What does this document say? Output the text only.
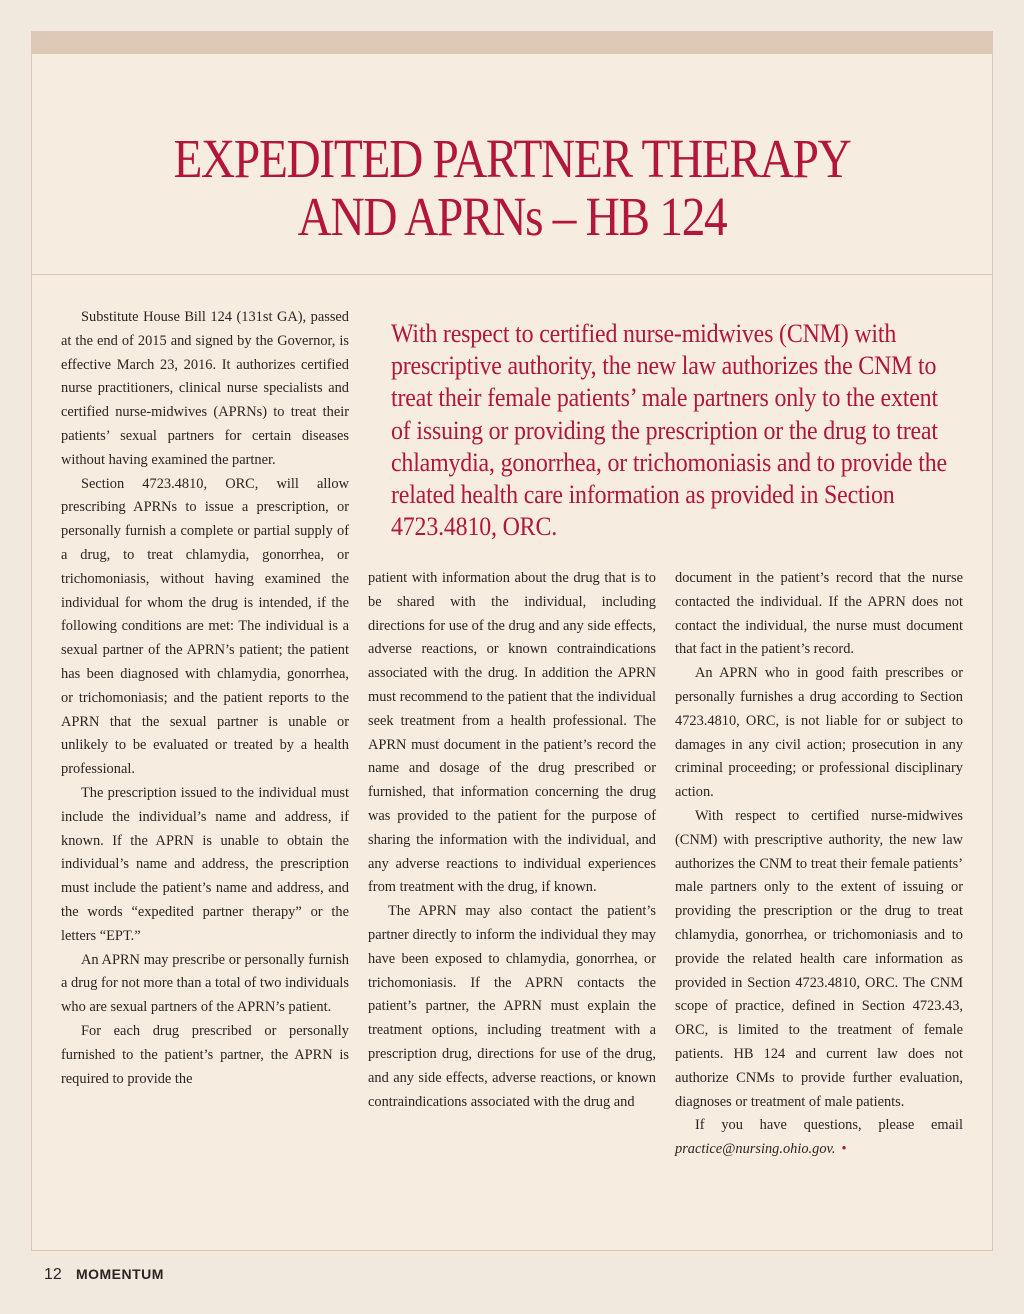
EXPEDITED PARTNER THERAPY
AND APRNs – HB 124

Substitute House Bill 124 (131st GA), passed at the end of 2015 and signed by the Governor, is effective March 23, 2016. It authorizes certified nurse practitioners, clinical nurse specialists and certified nurse-midwives (APRNs) to treat their patients’ sexual partners for certain diseases without having examined the partner.

Section 4723.4810, ORC, will allow prescribing APRNs to issue a prescription, or personally furnish a complete or partial supply of a drug, to treat chlamydia, gonorrhea, or trichomoniasis, without having examined the individual for whom the drug is intended, if the following conditions are met: The individual is a sexual partner of the APRN’s patient; the patient has been diagnosed with chlamydia, gonorrhea, or trichomoniasis; and the patient reports to the APRN that the sexual partner is unable or unlikely to be evaluated or treated by a health professional.

The prescription issued to the individual must include the individual’s name and address, if known. If the APRN is unable to obtain the individual’s name and address, the prescription must include the patient’s name and address, and the words “expedited partner therapy” or the letters “EPT.”

An APRN may prescribe or personally furnish a drug for not more than a total of two individuals who are sexual partners of the APRN’s patient.

For each drug prescribed or personally furnished to the patient’s partner, the APRN is required to provide the

With respect to certified nurse-midwives (CNM) with prescriptive authority, the new law authorizes the CNM to treat their female patients’ male partners only to the extent of issuing or providing the prescription or the drug to treat chlamydia, gonorrhea, or trichomoniasis and to provide the related health care information as provided in Section 4723.4810, ORC.

patient with information about the drug that is to be shared with the individual, including directions for use of the drug and any side effects, adverse reactions, or known contraindications associated with the drug. In addition the APRN must recommend to the patient that the individual seek treatment from a health professional. The APRN must document in the patient’s record the name and dosage of the drug prescribed or furnished, that information concerning the drug was provided to the patient for the purpose of sharing the information with the individual, and any adverse reactions to individual experiences from treatment with the drug, if known.

The APRN may also contact the patient’s partner directly to inform the individual they may have been exposed to chlamydia, gonorrhea, or trichomoniasis. If the APRN contacts the patient’s partner, the APRN must explain the treatment options, including treatment with a prescription drug, directions for use of the drug, and any side effects, adverse reactions, or known contraindications associated with the drug and

document in the patient’s record that the nurse contacted the individual. If the APRN does not contact the individual, the nurse must document that fact in the patient’s record.

An APRN who in good faith prescribes or personally furnishes a drug according to Section 4723.4810, ORC, is not liable for or subject to damages in any civil action; prosecution in any criminal proceeding; or professional disciplinary action.

With respect to certified nurse-midwives (CNM) with prescriptive authority, the new law authorizes the CNM to treat their female patients’ male partners only to the extent of issuing or providing the prescription or the drug to treat chlamydia, gonorrhea, or trichomoniasis and to provide the related health care information as provided in Section 4723.4810, ORC. The CNM scope of practice, defined in Section 4723.43, ORC, is limited to the treatment of female patients. HB 124 and current law does not authorize CNMs to provide further evaluation, diagnoses or treatment of male patients.

If you have questions, please email practice@nursing.ohio.gov. •

12 MOMENTUM
